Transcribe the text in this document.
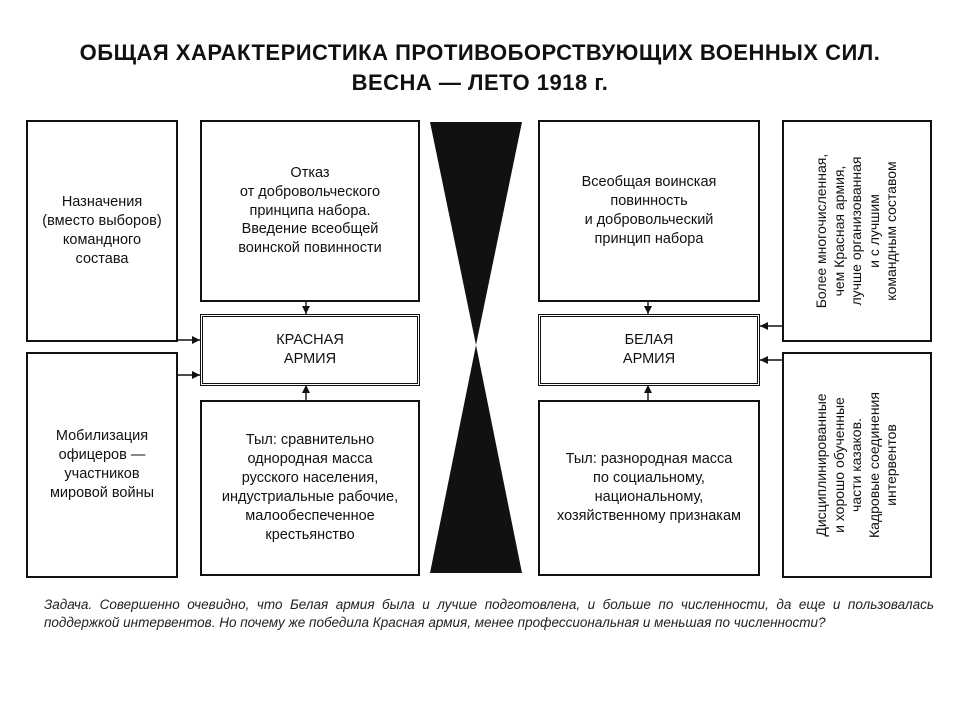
ОБЩАЯ ХАРАКТЕРИСТИКА ПРОТИВОБОРСТВУЮЩИХ ВОЕННЫХ СИЛ.
ВЕСНА — ЛЕТО 1918 г.
Назначения
(вместо выборов)
командного
состава
Мобилизация
офицеров —
участников
мировой войны
Отказ
от добровольческого
принципа набора.
Введение всеобщей
воинской повинности
КРАСНАЯ
АРМИЯ
Тыл: сравнительно
однородная масса
русского населения,
индустриальные рабочие,
малообеспеченное
крестьянство
Всеобщая воинская
повинность
и добровольческий
принцип набора
БЕЛАЯ
АРМИЯ
Тыл: разнородная масса
по социальному,
национальному,
хозяйственному признакам
Более многочисленная,
чем Красная армия,
лучше организованная
и с лучшим
командным составом
Дисциплинированные
и хорошо обученные
части казаков.
Кадровые соединения
интервентов
Задача. Совершенно очевидно, что Белая армия была и лучше подготовлена, и больше по численности, да еще и пользовалась поддержкой интервентов. Но почему же победила Красная армия, менее профессиональная и меньшая по численности?
